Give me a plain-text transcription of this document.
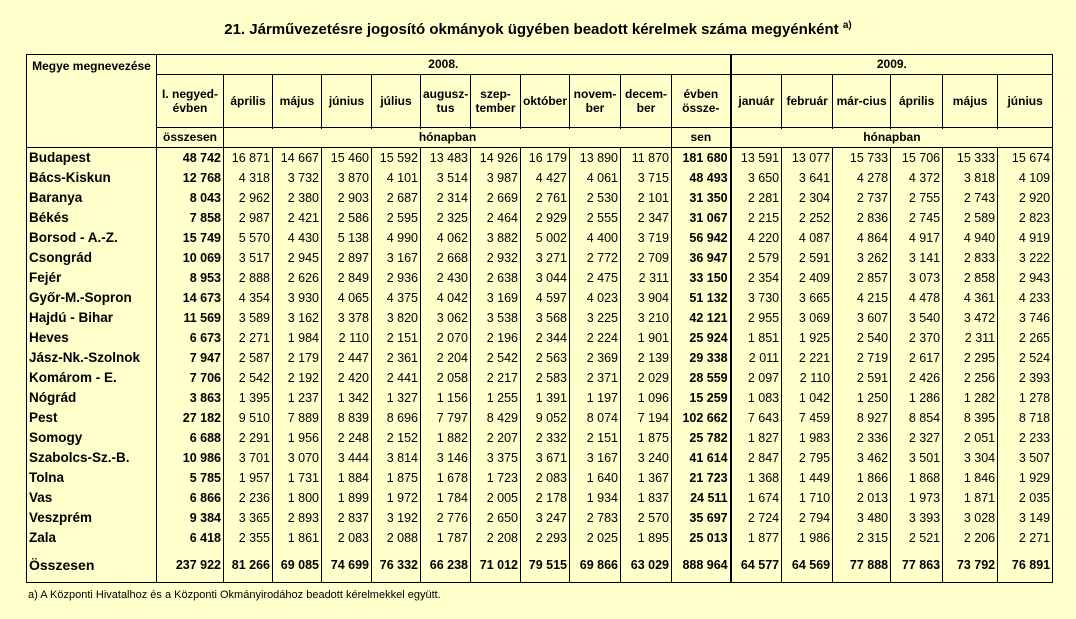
21. Járművezetésre jogosító okmányok ügyében beadott kérelmek száma megyénként $^{a)}$
Megye megnevezése	2008.											2009.					
	I. negyed-évben	április	május	június	július	augusz-tus	szep-tember	október	novem-ber	decem-ber	évben össze-	január	február	már-cius	április	május	június
	összesen										sen						
		hónapban										hónapban					
Budapest	48 742	16 871	14 667	15 460	15 592	13 483	14 926	16 179	13 890	11 870	181 680	13 591	13 077	15 733	15 706	15 333	15 674
Bács-Kiskun	12 768	4 318	3 732	3 870	4 101	3 514	3 987	4 427	4 061	3 715	48 493	3 650	3 641	4 278	4 372	3 818	4 109
Baranya	8 043	2 962	2 380	2 903	2 687	2 314	2 669	2 761	2 530	2 101	31 350	2 281	2 304	2 737	2 755	2 743	2 920
Békés	7 858	2 987	2 421	2 586	2 595	2 325	2 464	2 929	2 555	2 347	31 067	2 215	2 252	2 836	2 745	2 589	2 823
Borsod - A.-Z.	15 749	5 570	4 430	5 138	4 990	4 062	3 882	5 002	4 400	3 719	56 942	4 220	4 087	4 864	4 917	4 940	4 919
Csongrád	10 069	3 517	2 945	2 897	3 167	2 668	2 932	3 271	2 772	2 709	36 947	2 579	2 591	3 262	3 141	2 833	3 222
Fejér	8 953	2 888	2 626	2 849	2 936	2 430	2 638	3 044	2 475	2 311	33 150	2 354	2 409	2 857	3 073	2 858	2 943
Győr-M.-Sopron	14 673	4 354	3 930	4 065	4 375	4 042	3 169	4 597	4 023	3 904	51 132	3 730	3 665	4 215	4 478	4 361	4 233
Hajdú - Bihar	11 569	3 589	3 162	3 378	3 820	3 062	3 538	3 568	3 225	3 210	42 121	2 955	3 069	3 607	3 540	3 472	3 746
Heves	6 673	2 271	1 984	2 110	2 151	2 070	2 196	2 344	2 224	1 901	25 924	1 851	1 925	2 540	2 370	2 311	2 265
Jász-Nk.-Szolnok	7 947	2 587	2 179	2 447	2 361	2 204	2 542	2 563	2 369	2 139	29 338	2 011	2 221	2 719	2 617	2 295	2 524
Komárom - E.	7 706	2 542	2 192	2 420	2 441	2 058	2 217	2 583	2 371	2 029	28 559	2 097	2 110	2 591	2 426	2 256	2 393
Nógrád	3 863	1 395	1 237	1 342	1 327	1 156	1 255	1 391	1 197	1 096	15 259	1 083	1 042	1 250	1 286	1 282	1 278
Pest	27 182	9 510	7 889	8 839	8 696	7 797	8 429	9 052	8 074	7 194	102 662	7 643	7 459	8 927	8 854	8 395	8 718
Somogy	6 688	2 291	1 956	2 248	2 152	1 882	2 207	2 332	2 151	1 875	25 782	1 827	1 983	2 336	2 327	2 051	2 233
Szabolcs-Sz.-B.	10 986	3 701	3 070	3 444	3 814	3 146	3 375	3 671	3 167	3 240	41 614	2 847	2 795	3 462	3 501	3 304	3 507
Tolna	5 785	1 957	1 731	1 884	1 875	1 678	1 723	2 083	1 640	1 367	21 723	1 368	1 449	1 866	1 868	1 846	1 929
Vas	6 866	2 236	1 800	1 899	1 972	1 784	2 005	2 178	1 934	1 837	24 511	1 674	1 710	2 013	1 973	1 871	2 035
Veszprém	9 384	3 365	2 893	2 837	3 192	2 776	2 650	3 247	2 783	2 570	35 697	2 724	2 794	3 480	3 393	3 028	3 149
Zala	6 418	2 355	1 861	2 083	2 088	1 787	2 208	2 293	2 025	1 895	25 013	1 877	1 986	2 315	2 521	2 206	2 271
Összesen	237 922	81 266	69 085	74 699	76 332	66 238	71 012	79 515	69 866	63 029	888 964	64 577	64 569	77 888	77 863	73 792	76 891
a) A Központi Hivatalhoz és a Központi Okmányirodához beadott kérelmekkel együtt.
